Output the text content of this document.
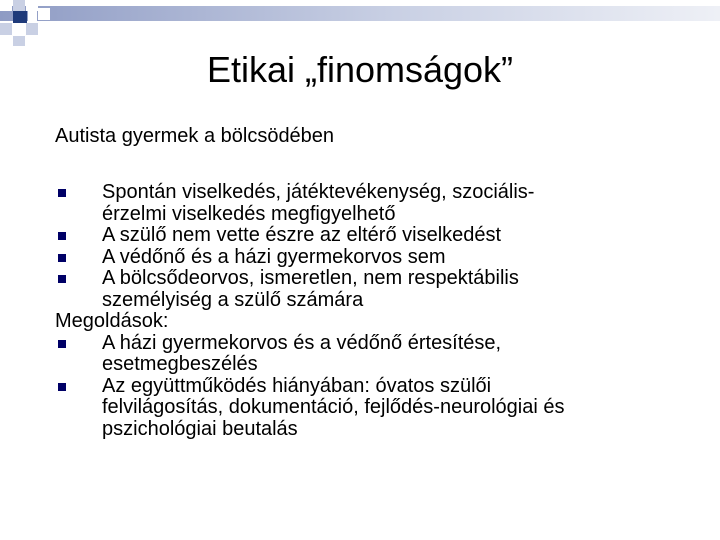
Etikai „finomságok”
Autista gyermek a bölcsödében
Spontán viselkedés, játéktevékenység, szociális-
érzelmi viselkedés megfigyelhető
A szülő nem vette észre az eltérő viselkedést
A védőnő és a házi gyermekorvos sem
A bölcsődeorvos, ismeretlen, nem respektábilis
személyiség a szülő számára
Megoldások:
A házi gyermekorvos és a védőnő értesítése,
esetmegbeszélés
Az együttműködés hiányában: óvatos szülői
felvilágosítás, dokumentáció, fejlődés-neurológiai és
pszichológiai beutalás
